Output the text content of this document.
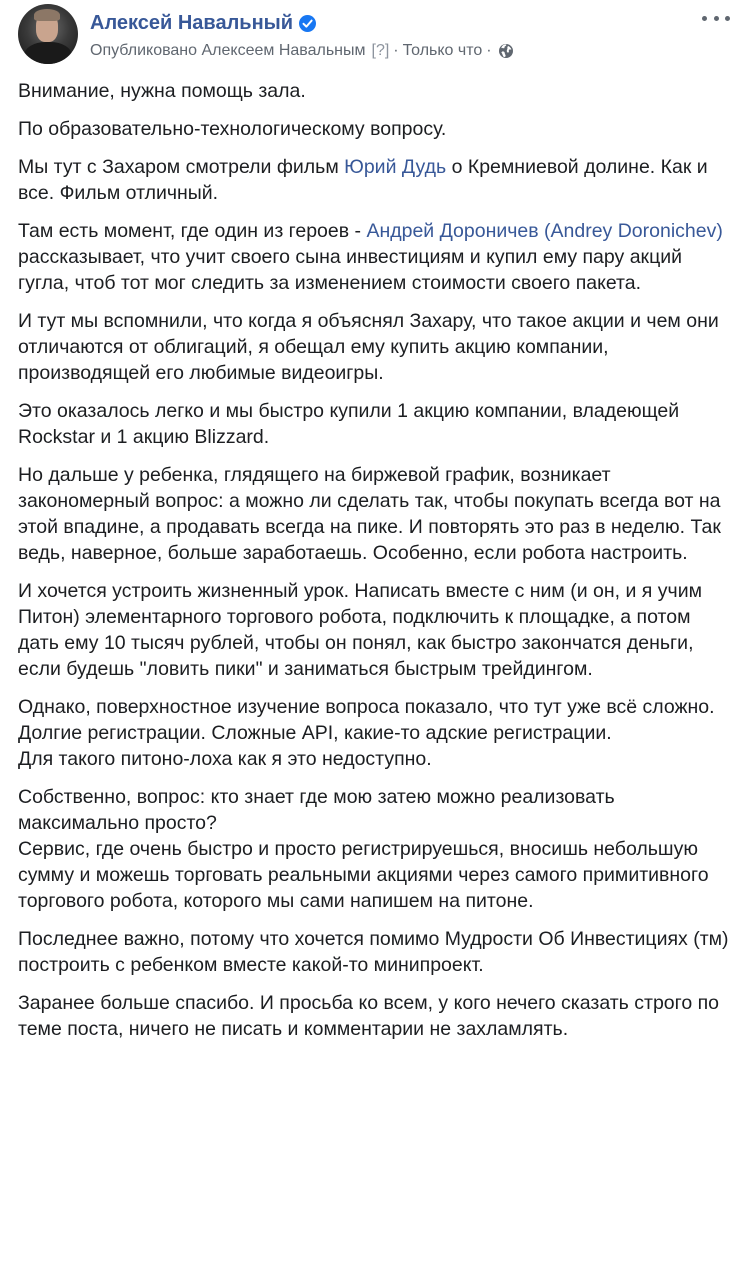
Алексей Навальный
Опубликовано Алексеем Навальным [?] · Только что ·

Внимание, нужна помощь зала.

По образовательно-технологическому вопросу.

Мы тут с Захаром смотрели фильм Юрий Дудь о Кремниевой долине. Как и все. Фильм отличный.

Там есть момент, где один из героев - Андрей Дороничев (Andrey Doronichev) рассказывает, что учит своего сына инвестициям и купил ему пару акций гугла, чтоб тот мог следить за изменением стоимости своего пакета.

И тут мы вспомнили, что когда я объяснял Захару, что такое акции и чем они отличаются от облигаций, я обещал ему купить акцию компании, производящей его любимые видеоигры.

Это оказалось легко и мы быстро купили 1 акцию компании, владеющей Rockstar и 1 акцию Blizzard.

Но дальше у ребенка, глядящего на биржевой график, возникает закономерный вопрос: а можно ли сделать так, чтобы покупать всегда вот на этой впадине, а продавать всегда на пике. И повторять это раз в неделю. Так ведь, наверное, больше заработаешь. Особенно, если робота настроить.

И хочется устроить жизненный урок. Написать вместе с ним (и он, и я учим Питон) элементарного торгового робота, подключить к площадке, а потом дать ему 10 тысяч рублей, чтобы он понял, как быстро закончатся деньги, если будешь "ловить пики" и заниматься быстрым трейдингом.

Однако, поверхностное изучение вопроса показало, что тут уже всё сложно. Долгие регистрации. Сложные API, какие-то адские регистрации.
Для такого питоно-лоха как я это недоступно.

Собственно, вопрос: кто знает где мою затею можно реализовать максимально просто?
Сервис, где очень быстро и просто регистрируешься, вносишь небольшую сумму и можешь торговать реальными акциями через самого примитивного торгового робота, которого мы сами напишем на питоне.

Последнее важно, потому что хочется помимо Мудрости Об Инвестициях (тм) построить с ребенком вместе какой-то минипроект.

Заранее больше спасибо. И просьба ко всем, у кого нечего сказать строго по теме поста, ничего не писать и комментарии не захламлять.
